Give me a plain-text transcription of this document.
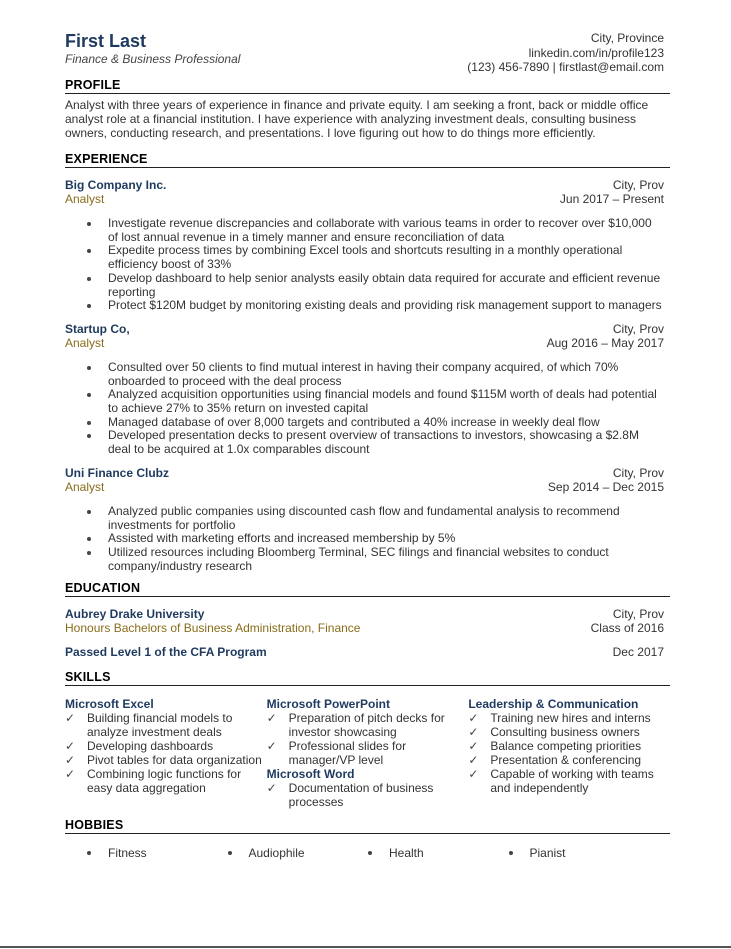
First Last
Finance & Business Professional
City, Province
linkedin.com/in/profile123
(123) 456-7890 | firstlast@email.com
PROFILE

Analyst with three years of experience in finance and private equity. I am seeking a front, back or middle office analyst role at a financial institution. I have experience with analyzing investment deals, consulting business owners, conducting research, and presentations. I love figuring out how to do things more efficiently.

EXPERIENCE
Big Company Inc.	City, Prov
Analyst	Jun 2017 – Present
Investigate revenue discrepancies and collaborate with various teams in order to recover over $10,000 of lost annual revenue in a timely manner and ensure reconciliation of data
Expedite process times by combining Excel tools and shortcuts resulting in a monthly operational efficiency boost of 33%
Develop dashboard to help senior analysts easily obtain data required for accurate and efficient revenue reporting
Protect $120M budget by monitoring existing deals and providing risk management support to managers
Startup Co,	City, Prov
Analyst	Aug 2016 – May 2017
Consulted over 50 clients to find mutual interest in having their company acquired, of which 70% onboarded to proceed with the deal process
Analyzed acquisition opportunities using financial models and found $115M worth of deals had potential to achieve 27% to 35% return on invested capital
Managed database of over 8,000 targets and contributed a 40% increase in weekly deal flow
Developed presentation decks to present overview of transactions to investors, showcasing a $2.8M deal to be acquired at 1.0x comparables discount
Uni Finance Clubz	City, Prov
Analyst	Sep 2014 – Dec 2015
Analyzed public companies using discounted cash flow and fundamental analysis to recommend investments for portfolio
Assisted with marketing efforts and increased membership by 5%
Utilized resources including Bloomberg Terminal, SEC filings and financial websites to conduct company/industry research
EDUCATION
Aubrey Drake University	City, Prov
Honours Bachelors of Business Administration, Finance	Class of 2016
Passed Level 1 of the CFA Program	Dec 2017
SKILLS
Microsoft Excel
✓ Building financial models to analyze investment deals
✓ Developing dashboards
✓ Pivot tables for data organization
✓ Combining logic functions for easy data aggregation
Microsoft PowerPoint
✓ Preparation of pitch decks for investor showcasing
✓ Professional slides for manager/VP level
Microsoft Word
✓ Documentation of business processes
Leadership & Communication
✓ Training new hires and interns
✓ Consulting business owners
✓ Balance competing priorities
✓ Presentation & conferencing
✓ Capable of working with teams and independently
HOBBIES
Fitness	Audiophile	Health	Pianist
